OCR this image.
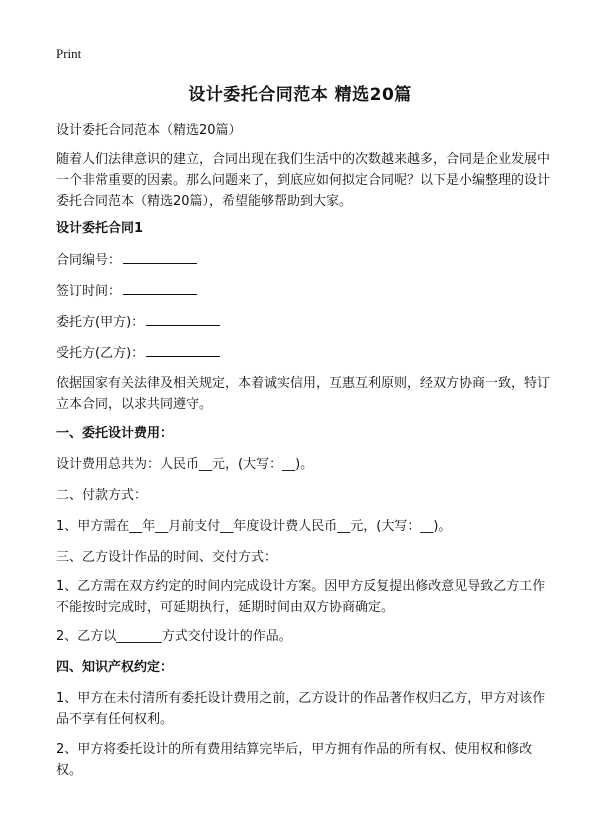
Print
设计委托合同范本 精选20篇
设计委托合同范本（精选20篇）
随着人们法律意识的建立，合同出现在我们生活中的次数越来越多，合同是企业发展中一个非常重要的因素。那么问题来了，到底应如何拟定合同呢？以下是小编整理的设计委托合同范本（精选20篇），希望能够帮助到大家。
设计委托合同1
合同编号：
签订时间：
委托方(甲方)：
受托方(乙方)：
依据国家有关法律及相关规定，本着诚实信用，互惠互利原则，经双方协商一致，特订立本合同，以求共同遵守。
一、委托设计费用：
设计费用总共为：人民币__元，(大写：__)。
二、付款方式：
1、甲方需在__年__月前支付__年度设计费人民币__元，(大写：__)。
三、乙方设计作品的时间、交付方式：
1、乙方需在双方约定的时间内完成设计方案。因甲方反复提出修改意见导致乙方工作不能按时完成时，可延期执行，延期时间由双方协商确定。
2、乙方以_______方式交付设计的作品。
四、知识产权约定：
1、甲方在未付清所有委托设计费用之前，乙方设计的作品著作权归乙方，甲方对该作品不享有任何权利。
2、甲方将委托设计的所有费用结算完毕后，甲方拥有作品的所有权、使用权和修改权。
